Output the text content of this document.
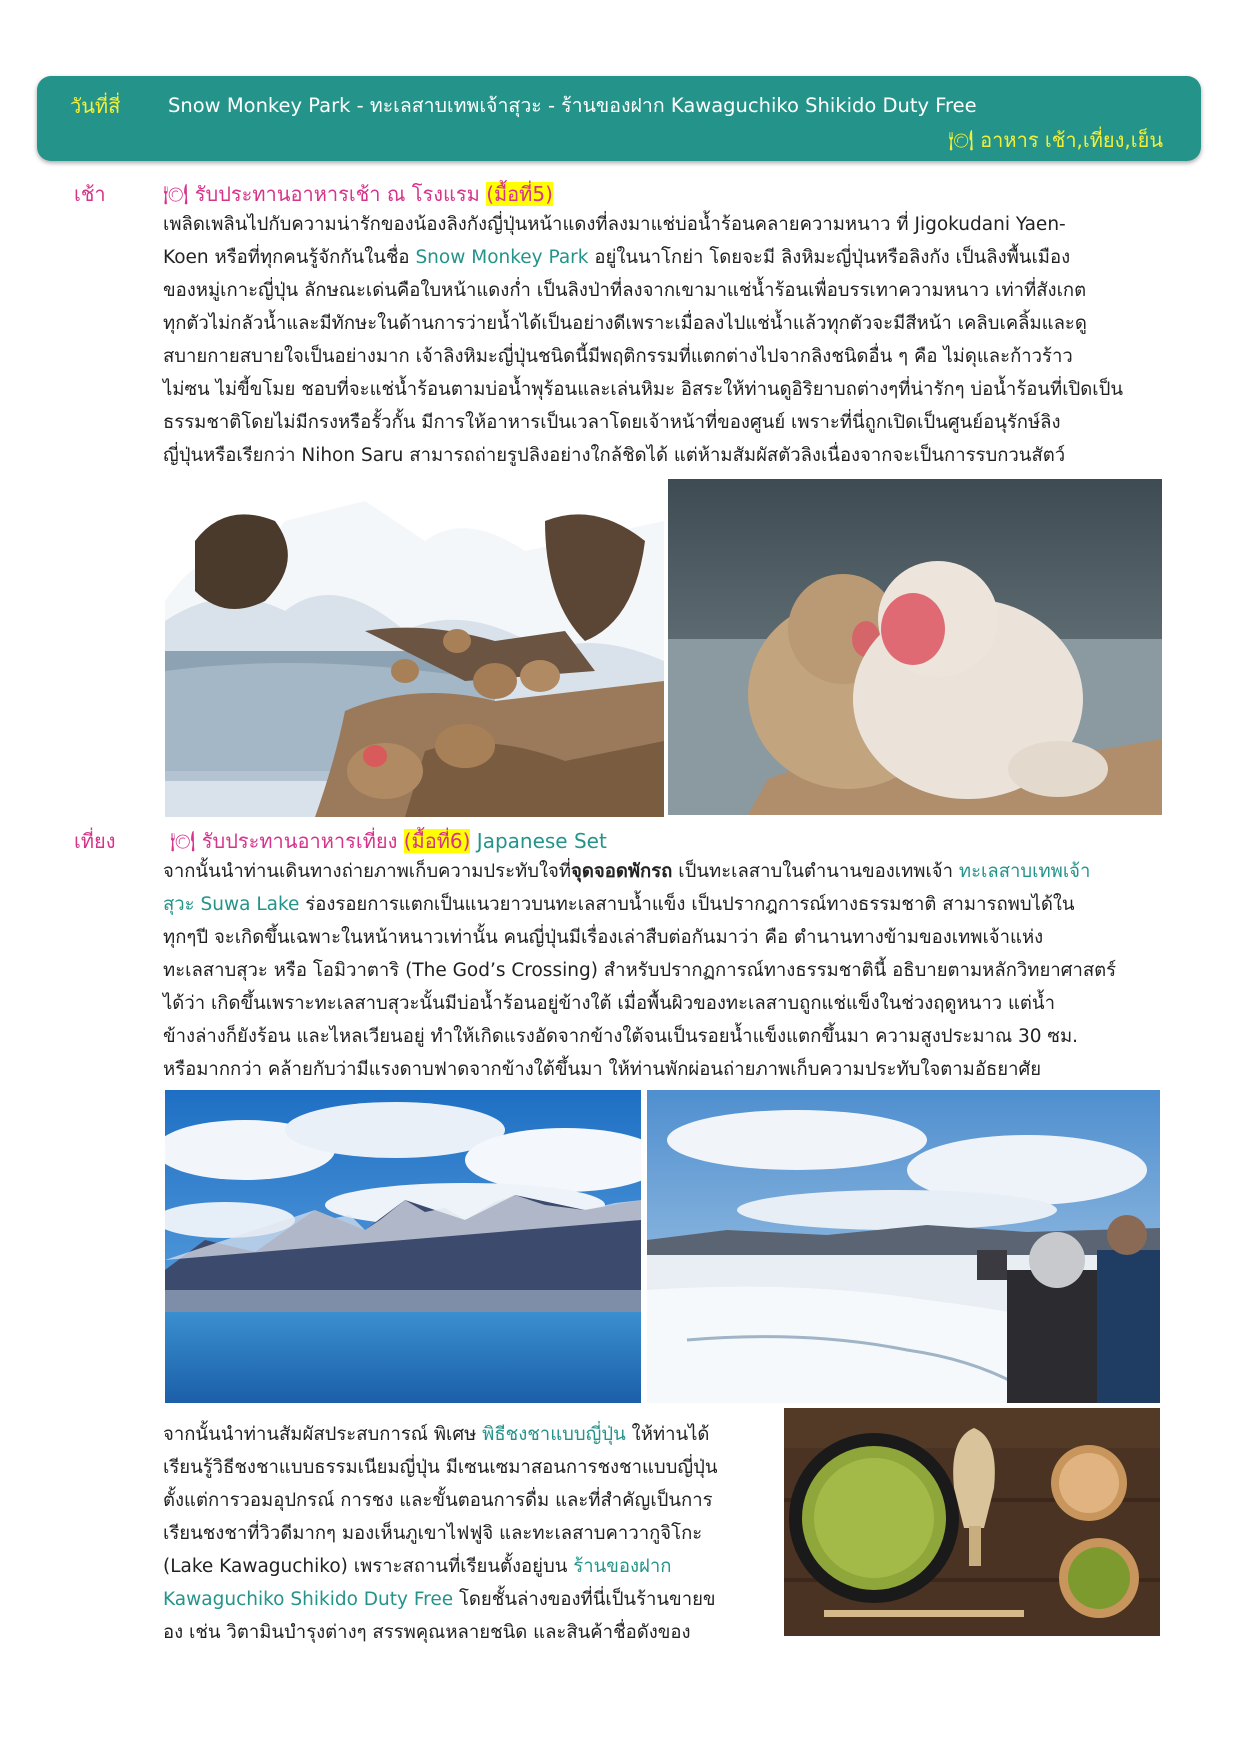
วันที่สี่ Snow Monkey Park - ทะเลสาบเทพเจ้าสุวะ - ร้านของฝาก Kawaguchiko Shikido Duty Free
🍽 อาหาร เช้า,เที่ยง,เย็น
เช้า	🍽 รับประทานอาหารเช้า ณ โรงแรม (มื้อที่5)
เพลิดเพลินไปกับความน่ารักของน้องลิงกังญี่ปุ่นหน้าแดงที่ลงมาแช่บ่อน้ำร้อนคลายความหนาว ที่ Jigokudani Yaen-
Koen หรือที่ทุกคนรู้จักกันในชื่อ Snow Monkey Park อยู่ในนาโกย่า โดยจะมี ลิงหิมะญี่ปุ่นหรือลิงกัง เป็นลิงพื้นเมือง
ของหมู่เกาะญี่ปุ่น ลักษณะเด่นคือใบหน้าแดงก่ำ เป็นลิงป่าที่ลงจากเขามาแช่น้ำร้อนเพื่อบรรเทาความหนาว เท่าที่สังเกต
ทุกตัวไม่กลัวน้ำและมีทักษะในด้านการว่ายน้ำได้เป็นอย่างดีเพราะเมื่อลงไปแช่น้ำแล้วทุกตัวจะมีสีหน้า เคลิบเคลิ้มและดู
สบายกายสบายใจเป็นอย่างมาก เจ้าลิงหิมะญี่ปุ่นชนิดนี้มีพฤติกรรมที่แตกต่างไปจากลิงชนิดอื่น ๆ คือ ไม่ดุและก้าวร้าว
ไม่ซน ไม่ขี้ขโมย ชอบที่จะแช่น้ำร้อนตามบ่อน้ำพุร้อนและเล่นหิมะ อิสระให้ท่านดูอิริยาบถต่างๆที่น่ารักๆ บ่อน้ำร้อนที่เปิดเป็น
ธรรมชาติโดยไม่มีกรงหรือรั้วกั้น มีการให้อาหารเป็นเวลาโดยเจ้าหน้าที่ของศูนย์ เพราะที่นี่ถูกเปิดเป็นศูนย์อนุรักษ์ลิง
ญี่ปุ่นหรือเรียกว่า Nihon Saru สามารถถ่ายรูปลิงอย่างใกล้ชิดได้ แต่ห้ามสัมผัสตัวลิงเนื่องจากจะเป็นการรบกวนสัตว์
เที่ยง	🍽 รับประทานอาหารเที่ยง (มื้อที่6) Japanese Set
จากนั้นนำท่านเดินทางถ่ายภาพเก็บความประทับใจที่จุดจอดพักรถ เป็นทะเลสาบในตำนานของเทพเจ้า ทะเลสาบเทพเจ้า
สุวะ Suwa Lake ร่องรอยการแตกเป็นแนวยาวบนทะเลสาบน้ำแข็ง เป็นปรากฎการณ์ทางธรรมชาติ สามารถพบได้ใน
ทุกๆปี จะเกิดขึ้นเฉพาะในหน้าหนาวเท่านั้น คนญี่ปุ่นมีเรื่องเล่าสืบต่อกันมาว่า คือ ตำนานทางข้ามของเทพเจ้าแห่ง
ทะเลสาบสุวะ หรือ โอมิวาตาริ (The God’s Crossing) สำหรับปรากฏการณ์ทางธรรมชาตินี้ อธิบายตามหลักวิทยาศาสตร์
ได้ว่า เกิดขึ้นเพราะทะเลสาบสุวะนั้นมีบ่อน้ำร้อนอยู่ข้างใต้ เมื่อพื้นผิวของทะเลสาบถูกแช่แข็งในช่วงฤดูหนาว แต่น้ำ
ข้างล่างก็ยังร้อน และไหลเวียนอยู่ ทำให้เกิดแรงอัดจากข้างใต้จนเป็นรอยน้ำแข็งแตกขึ้นมา ความสูงประมาณ 30 ซม.
หรือมากกว่า คล้ายกับว่ามีแรงดาบฟาดจากข้างใต้ขึ้นมา ให้ท่านพักผ่อนถ่ายภาพเก็บความประทับใจตามอัธยาศัย
จากนั้นนำท่านสัมผัสประสบการณ์ พิเศษ พิธีชงชาแบบญี่ปุ่น ให้ท่านได้
เรียนรู้วิธีชงชาแบบธรรมเนียมญี่ปุ่น มีเซนเซมาสอนการชงชาแบบญี่ปุ่น
ตั้งแต่การวอมอุปกรณ์ การชง และขั้นตอนการดื่ม และที่สำคัญเป็นการ
เรียนชงชาที่วิวดีมากๆ มองเห็นภูเขาไฟฟูจิ และทะเลสาบคาวากูจิโกะ
(Lake Kawaguchiko) เพราะสถานที่เรียนตั้งอยู่บน ร้านของฝาก
Kawaguchiko Shikido Duty Free โดยชั้นล่างของที่นี่เป็นร้านขายข
อง เช่น วิตามินบำรุงต่างๆ สรรพคุณหลายชนิด และสินค้าชื่อดังของ
